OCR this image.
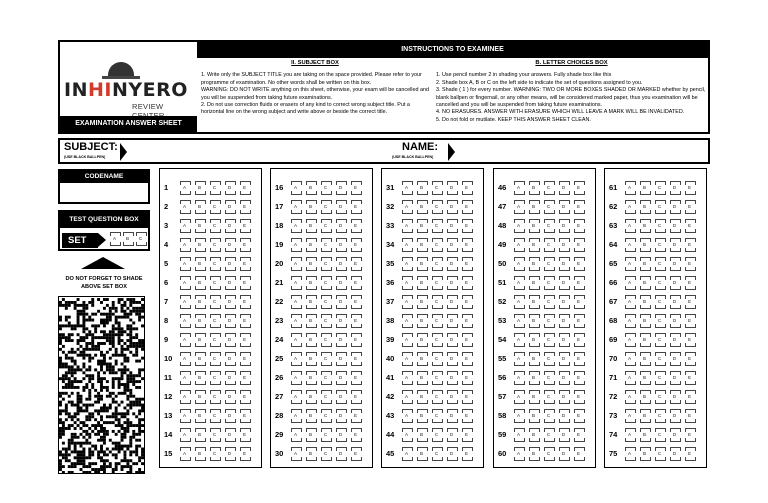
INHINYERO
REVIEW
EXAMINATION ANSWER SHEET
INSTRUCTIONS TO EXAMINEE
II. SUBJECT BOX

1. Write only the SUBJECT TITLE you are taking on the space provided. Please refer to your programme of examination. No other words shall be written on this box.

WARNING: DO NOT WRITE anything on this sheet, otherwise, your exam will be cancelled and you will be suspended from taking future examinations.

2. Do not use correction fluids or erasers of any kind to correct wrong subject title. Put a horizontal line on the wrong subject and write above or beside the correct title.

B. LETTER CHOICES BOX

1. Use pencil number 2 in shading your answers. Fully shade box like this

2. Shade box A, B or C on the left side to indicate the set of questions assigned to you.

3. Shade ( 1 ) for every number. WARNING: TWO OR MORE BOXES SHADED OR MARKED whether by pencil, blank ballpen or fingernail, or any other means, will be considered marked paper, thus you examination will be cancelled and you will be suspended from taking future examinations.

4. NO ERASURES. ANSWER WITH ERASURE WHICH WILL LEAVE A MARK WILL BE INVALIDATED.

5. Do not fold or mutilate. KEEP THIS ANSWER SHEET CLEAN.

SUBJECT:
(USE BLACK BALLPEN)
NAME:
(USE BLACK BALLPEN)
CODENAME
TEST QUESTION BOX
SET	A	B	C
DO NOT FORGET TO SHADE ABOVE SET BOX
1	A	B	C	D	E
2	A	B	C	D	E
3	A	B	C	D	E
4	A	B	C	D	E
5	A	B	C	D	E
6	A	B	C	D	E
7	A	B	C	D	E
8	A	B	C	D	E
9	A	B	C	D	E
10	A	B	C	D	E
11	A	B	C	D	E
12	A	B	C	D	E
13	A	B	C	D	E
14	A	B	C	D	E
15	A	B	C	D	E
16	A	B	C	D	E
17	A	B	C	D	E
18	A	B	C	D	E
19	A	B	C	D	E
20	A	B	C	D	E
21	A	B	C	D	E
22	A	B	C	D	E
23	A	B	C	D	E
24	A	B	C	D	E
25	A	B	C	D	E
26	A	B	C	D	E
27	A	B	C	D	E
28	A	B	C	D	E
29	A	B	C	D	E
30	A	B	C	D	E
31	A	B	C	D	E
32	A	B	C	D	E
33	A	B	C	D	E
34	A	B	C	D	E
35	A	B	C	D	E
36	A	B	C	D	E
37	A	B	C	D	E
38	A	B	C	D	E
39	A	B	C	D	E
40	A	B	C	D	E
41	A	B	C	D	E
42	A	B	C	D	E
43	A	B	C	D	E
44	A	B	C	D	E
45	A	B	C	D	E
46	A	B	C	D	E
47	A	B	C	D	E
48	A	B	C	D	E
49	A	B	C	D	E
50	A	B	C	D	E
51	A	B	C	D	E
52	A	B	C	D	E
53	A	B	C	D	E
54	A	B	C	D	E
55	A	B	C	D	E
56	A	B	C	D	E
57	A	B	C	D	E
58	A	B	C	D	E
59	A	B	C	D	E
60	A	B	C	D	E
61	A	B	C	D	E
62	A	B	C	D	E
63	A	B	C	D	E
64	A	B	C	D	E
65	A	B	C	D	E
66	A	B	C	D	E
67	A	B	C	D	E
68	A	B	C	D	E
69	A	B	C	D	E
70	A	B	C	D	E
71	A	B	C	D	E
72	A	B	C	D	E
73	A	B	C	D	E
74	A	B	C	D	E
75	A	B	C	D	E
